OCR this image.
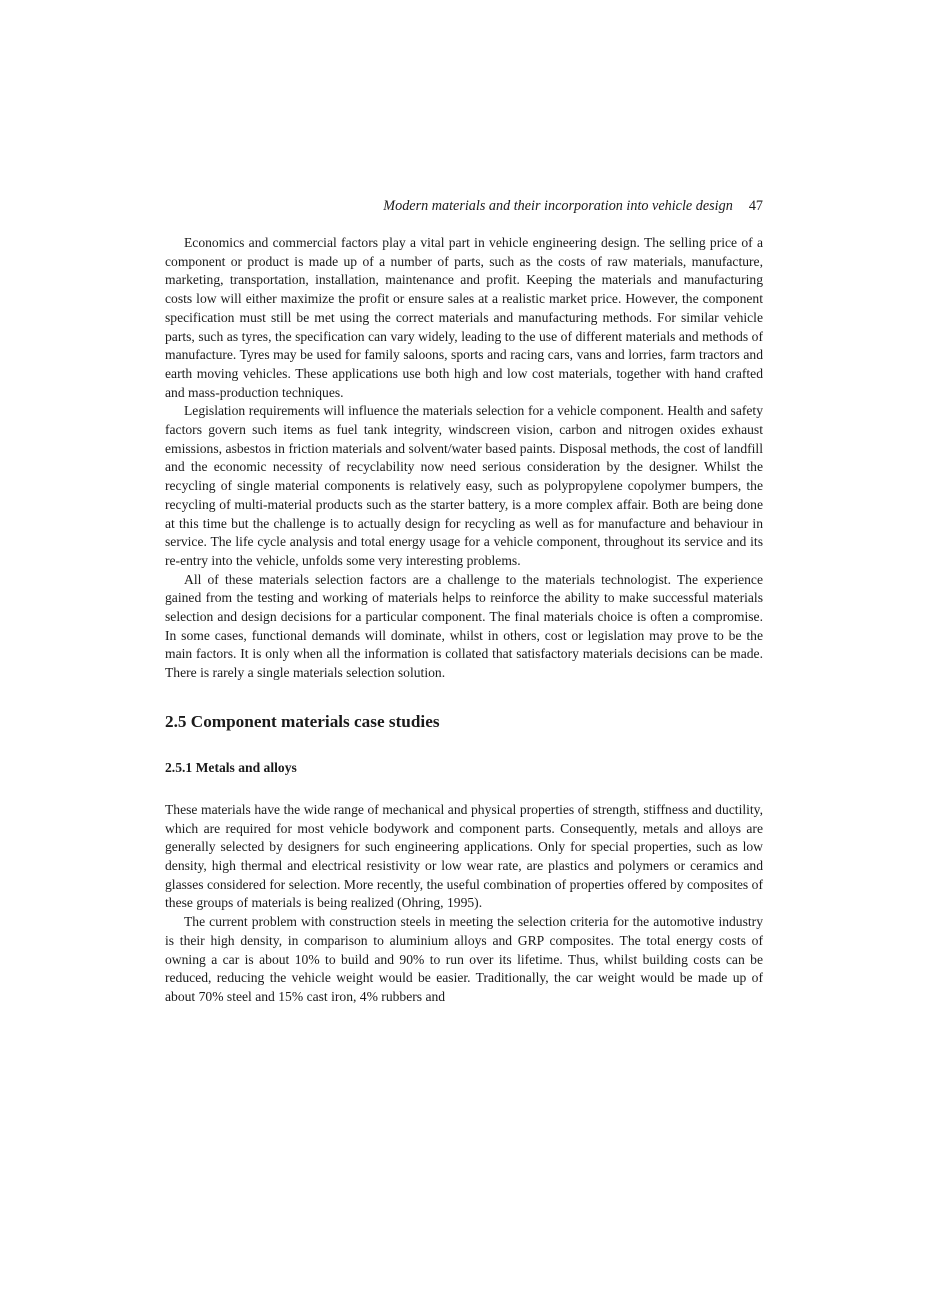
Modern materials and their incorporation into vehicle design 47

Economics and commercial factors play a vital part in vehicle engineering design. The selling price of a component or product is made up of a number of parts, such as the costs of raw materials, manufacture, marketing, transportation, installation, maintenance and profit. Keeping the materials and manufacturing costs low will either maximize the profit or ensure sales at a realistic market price. However, the component specification must still be met using the correct materials and manufacturing methods. For similar vehicle parts, such as tyres, the specification can vary widely, leading to the use of different materials and methods of manufacture. Tyres may be used for family saloons, sports and racing cars, vans and lorries, farm tractors and earth moving vehicles. These applications use both high and low cost materials, together with hand crafted and mass-production techniques.

Legislation requirements will influence the materials selection for a vehicle component. Health and safety factors govern such items as fuel tank integrity, windscreen vision, carbon and nitrogen oxides exhaust emissions, asbestos in friction materials and solvent/water based paints. Disposal methods, the cost of landfill and the economic necessity of recyclability now need serious consideration by the designer. Whilst the recycling of single material components is relatively easy, such as polypropylene copolymer bumpers, the recycling of multi-material products such as the starter battery, is a more complex affair. Both are being done at this time but the challenge is to actually design for recycling as well as for manufacture and behaviour in service. The life cycle analysis and total energy usage for a vehicle component, throughout its service and its re-entry into the vehicle, unfolds some very interesting problems.

All of these materials selection factors are a challenge to the materials technologist. The experience gained from the testing and working of materials helps to reinforce the ability to make successful materials selection and design decisions for a particular component. The final materials choice is often a compromise. In some cases, functional demands will dominate, whilst in others, cost or legislation may prove to be the main factors. It is only when all the information is collated that satisfactory materials decisions can be made. There is rarely a single materials selection solution.

2.5 Component materials case studies
2.5.1 Metals and alloys

These materials have the wide range of mechanical and physical properties of strength, stiffness and ductility, which are required for most vehicle bodywork and component parts. Consequently, metals and alloys are generally selected by designers for such engineering applications. Only for special properties, such as low density, high thermal and electrical resistivity or low wear rate, are plastics and polymers or ceramics and glasses considered for selection. More recently, the useful combination of properties offered by composites of these groups of materials is being realized (Ohring, 1995).

The current problem with construction steels in meeting the selection criteria for the automotive industry is their high density, in comparison to aluminium alloys and GRP composites. The total energy costs of owning a car is about 10% to build and 90% to run over its lifetime. Thus, whilst building costs can be reduced, reducing the vehicle weight would be easier. Traditionally, the car weight would be made up of about 70% steel and 15% cast iron, 4% rubbers and
